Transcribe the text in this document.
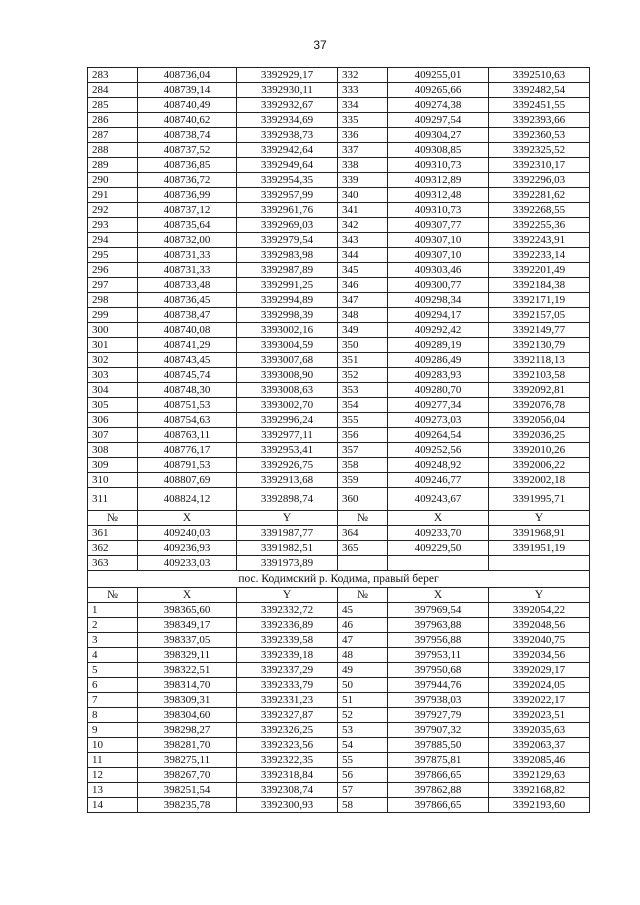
37
283	408736,04	3392929,17	332	409255,01	3392510,63
284	408739,14	3392930,11	333	409265,66	3392482,54
285	408740,49	3392932,67	334	409274,38	3392451,55
286	408740,62	3392934,69	335	409297,54	3392393,66
287	408738,74	3392938,73	336	409304,27	3392360,53
288	408737,52	3392942,64	337	409308,85	3392325,52
289	408736,85	3392949,64	338	409310,73	3392310,17
290	408736,72	3392954,35	339	409312,89	3392296,03
291	408736,99	3392957,99	340	409312,48	3392281,62
292	408737,12	3392961,76	341	409310,73	3392268,55
293	408735,64	3392969,03	342	409307,77	3392255,36
294	408732,00	3392979,54	343	409307,10	3392243,91
295	408731,33	3392983,98	344	409307,10	3392233,14
296	408731,33	3392987,89	345	409303,46	3392201,49
297	408733,48	3392991,25	346	409300,77	3392184,38
298	408736,45	3392994,89	347	409298,34	3392171,19
299	408738,47	3392998,39	348	409294,17	3392157,05
300	408740,08	3393002,16	349	409292,42	3392149,77
301	408741,29	3393004,59	350	409289,19	3392130,79
302	408743,45	3393007,68	351	409286,49	3392118,13
303	408745,74	3393008,90	352	409283,93	3392103,58
304	408748,30	3393008,63	353	409280,70	3392092,81
305	408751,53	3393002,70	354	409277,34	3392076,78
306	408754,63	3392996,24	355	409273,03	3392056,04
307	408763,11	3392977,11	356	409264,54	3392036,25
308	408776,17	3392953,41	357	409252,56	3392010,26
309	408791,53	3392926,75	358	409248,92	3392006,22
310	408807,69	3392913,68	359	409246,77	3392002,18
311	408824,12	3392898,74	360	409243,67	3391995,71
№	X	Y	№	X	Y
361	409240,03	3391987,77	364	409233,70	3391968,91
362	409236,93	3391982,51	365	409229,50	3391951,19
363	409233,03	3391973,89			
пос. Кодимский р. Кодима, правый берег					
№	X	Y	№	X	Y
1	398365,60	3392332,72	45	397969,54	3392054,22
2	398349,17	3392336,89	46	397963,88	3392048,56
3	398337,05	3392339,58	47	397956,88	3392040,75
4	398329,11	3392339,18	48	397953,11	3392034,56
5	398322,51	3392337,29	49	397950,68	3392029,17
6	398314,70	3392333,79	50	397944,76	3392024,05
7	398309,31	3392331,23	51	397938,03	3392022,17
8	398304,60	3392327,87	52	397927,79	3392023,51
9	398298,27	3392326,25	53	397907,32	3392035,63
10	398281,70	3392323,56	54	397885,50	3392063,37
11	398275,11	3392322,35	55	397875,81	3392085,46
12	398267,70	3392318,84	56	397866,65	3392129,63
13	398251,54	3392308,74	57	397862,88	3392168,82
14	398235,78	3392300,93	58	397866,65	3392193,60
